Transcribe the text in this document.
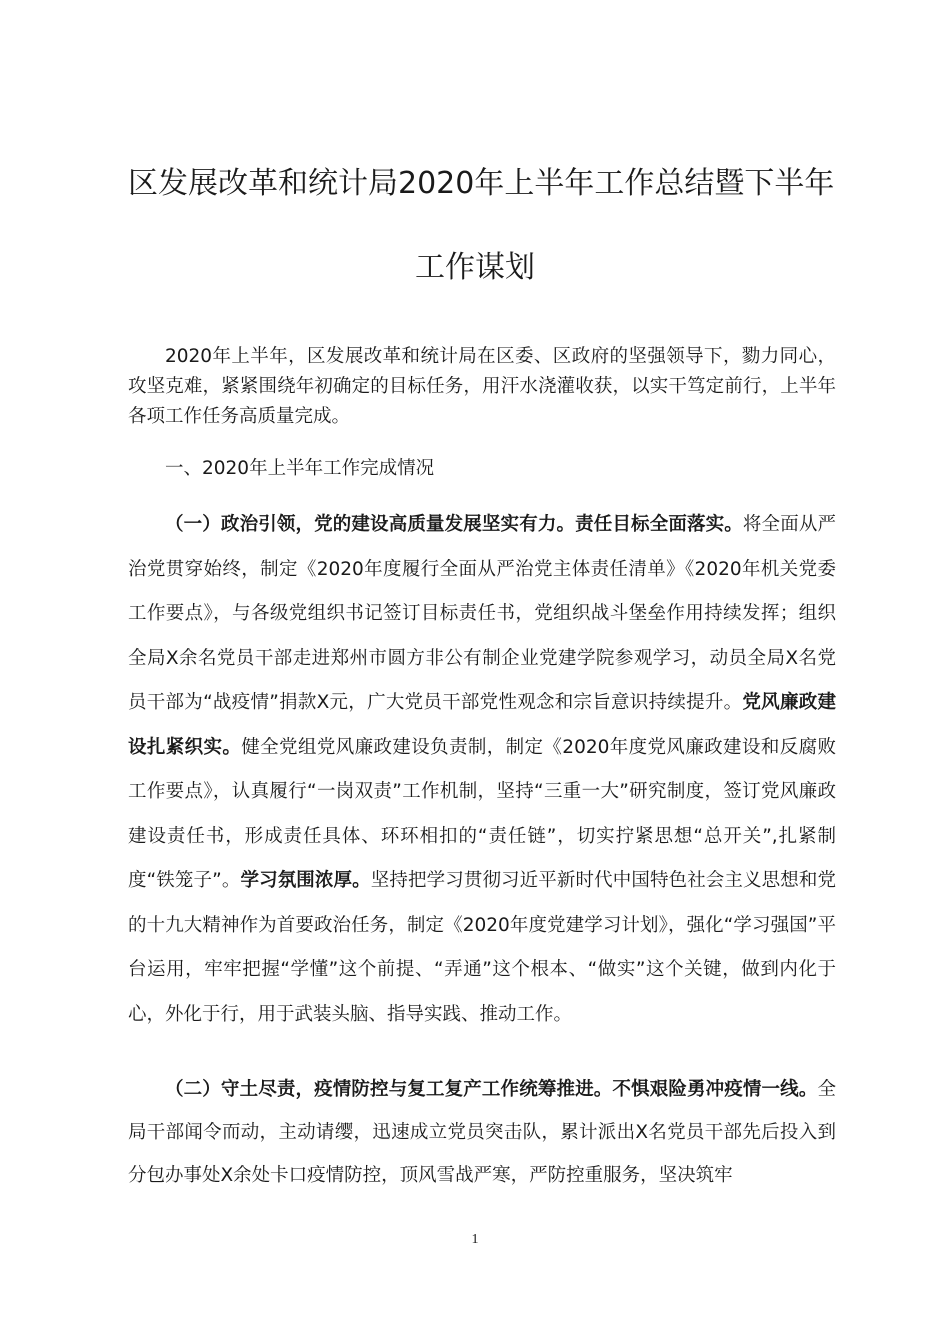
区发展改革和统计局2020年上半年工作总结暨下半年
工作谋划

2020年上半年，区发展改革和统计局在区委、区政府的坚强领导下，勠力同心，攻坚克难，紧紧围绕年初确定的目标任务，用汗水浇灌收获，以实干笃定前行，上半年各项工作任务高质量完成。

一、2020年上半年工作完成情况

（一）政治引领，党的建设高质量发展坚实有力。责任目标全面落实。将全面从严治党贯穿始终，制定《2020年度履行全面从严治党主体责任清单》《2020年机关党委工作要点》，与各级党组织书记签订目标责任书，党组织战斗堡垒作用持续发挥；组织全局X余名党员干部走进郑州市圆方非公有制企业党建学院参观学习，动员全局X名党员干部为“战疫情”捐款X元，广大党员干部党性观念和宗旨意识持续提升。党风廉政建设扎紧织实。健全党组党风廉政建设负责制，制定《2020年度党风廉政建设和反腐败工作要点》，认真履行“一岗双责”工作机制，坚持“三重一大”研究制度，签订党风廉政建设责任书，形成责任具体、环环相扣的“责任链”，切实拧紧思想“总开关”,扎紧制度“铁笼子”。学习氛围浓厚。坚持把学习贯彻习近平新时代中国特色社会主义思想和党的十九大精神作为首要政治任务，制定《2020年度党建学习计划》，强化“学习强国”平台运用，牢牢把握“学懂”这个前提、“弄通”这个根本、“做实”这个关键，做到内化于心，外化于行，用于武装头脑、指导实践、推动工作。

（二）守土尽责，疫情防控与复工复产工作统筹推进。不惧艰险勇冲疫情一线。全局干部闻令而动，主动请缨，迅速成立党员突击队，累计派出X名党员干部先后投入到分包办事处X余处卡口疫情防控，顶风雪战严寒，严防控重服务，坚决筑牢

1
